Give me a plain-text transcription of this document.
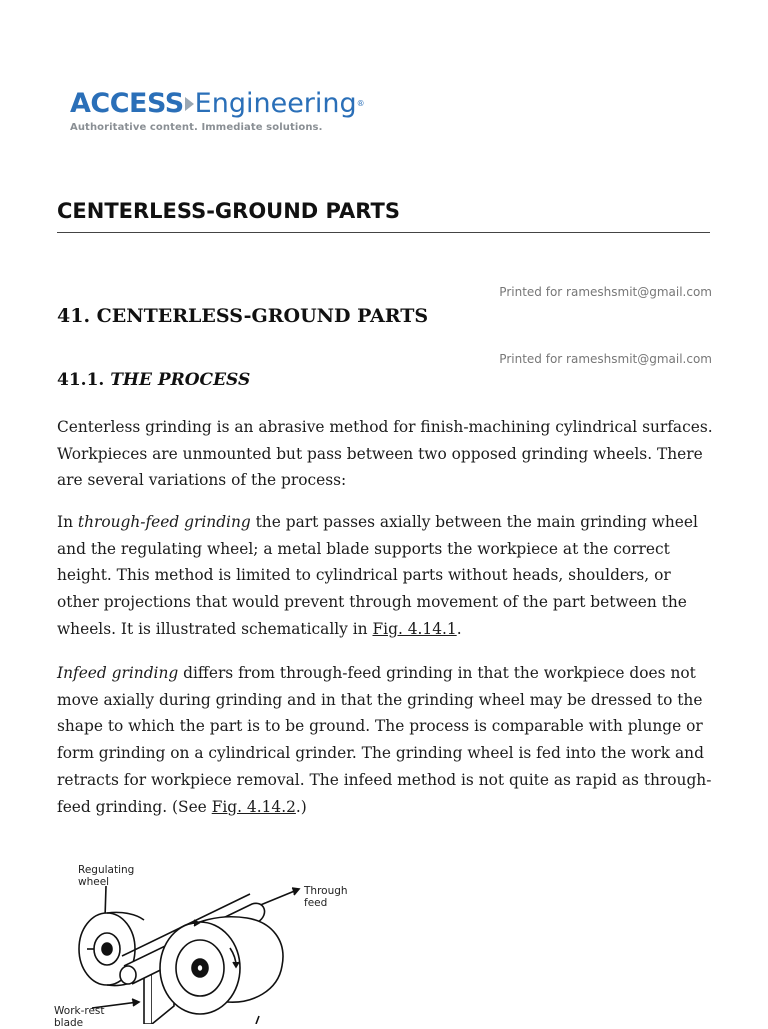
ACCESS Engineering®
Authoritative content. Immediate solutions.
CENTERLESS-GROUND PARTS
Printed for rameshsmit@gmail.com
Printed for rameshsmit@gmail.com
41. CENTERLESS-GROUND PARTS
41.1. THE PROCESS

Centerless grinding is an abrasive method for finish-machining cylindrical surfaces. Workpieces are unmounted but pass between two opposed grinding wheels. There are several variations of the process:

In through-feed grinding the part passes axially between the main grinding wheel and the regulating wheel; a metal blade supports the workpiece at the correct height. This method is limited to cylindrical parts without heads, shoulders, or other projections that would prevent through movement of the part between the wheels. It is illustrated schematically in Fig. 4.14.1.

Infeed grinding differs from through-feed grinding in that the workpiece does not move axially during grinding and in that the grinding wheel may be dressed to the shape to which the part is to be ground. The process is comparable with plunge or form grinding on a cylindrical grinder. The grinding wheel is fed into the work and retracts for workpiece removal. The infeed method is not quite as rapid as through-feed grinding. (See Fig. 4.14.2.)

Regulating wheel
Through feed
Work-rest blade
